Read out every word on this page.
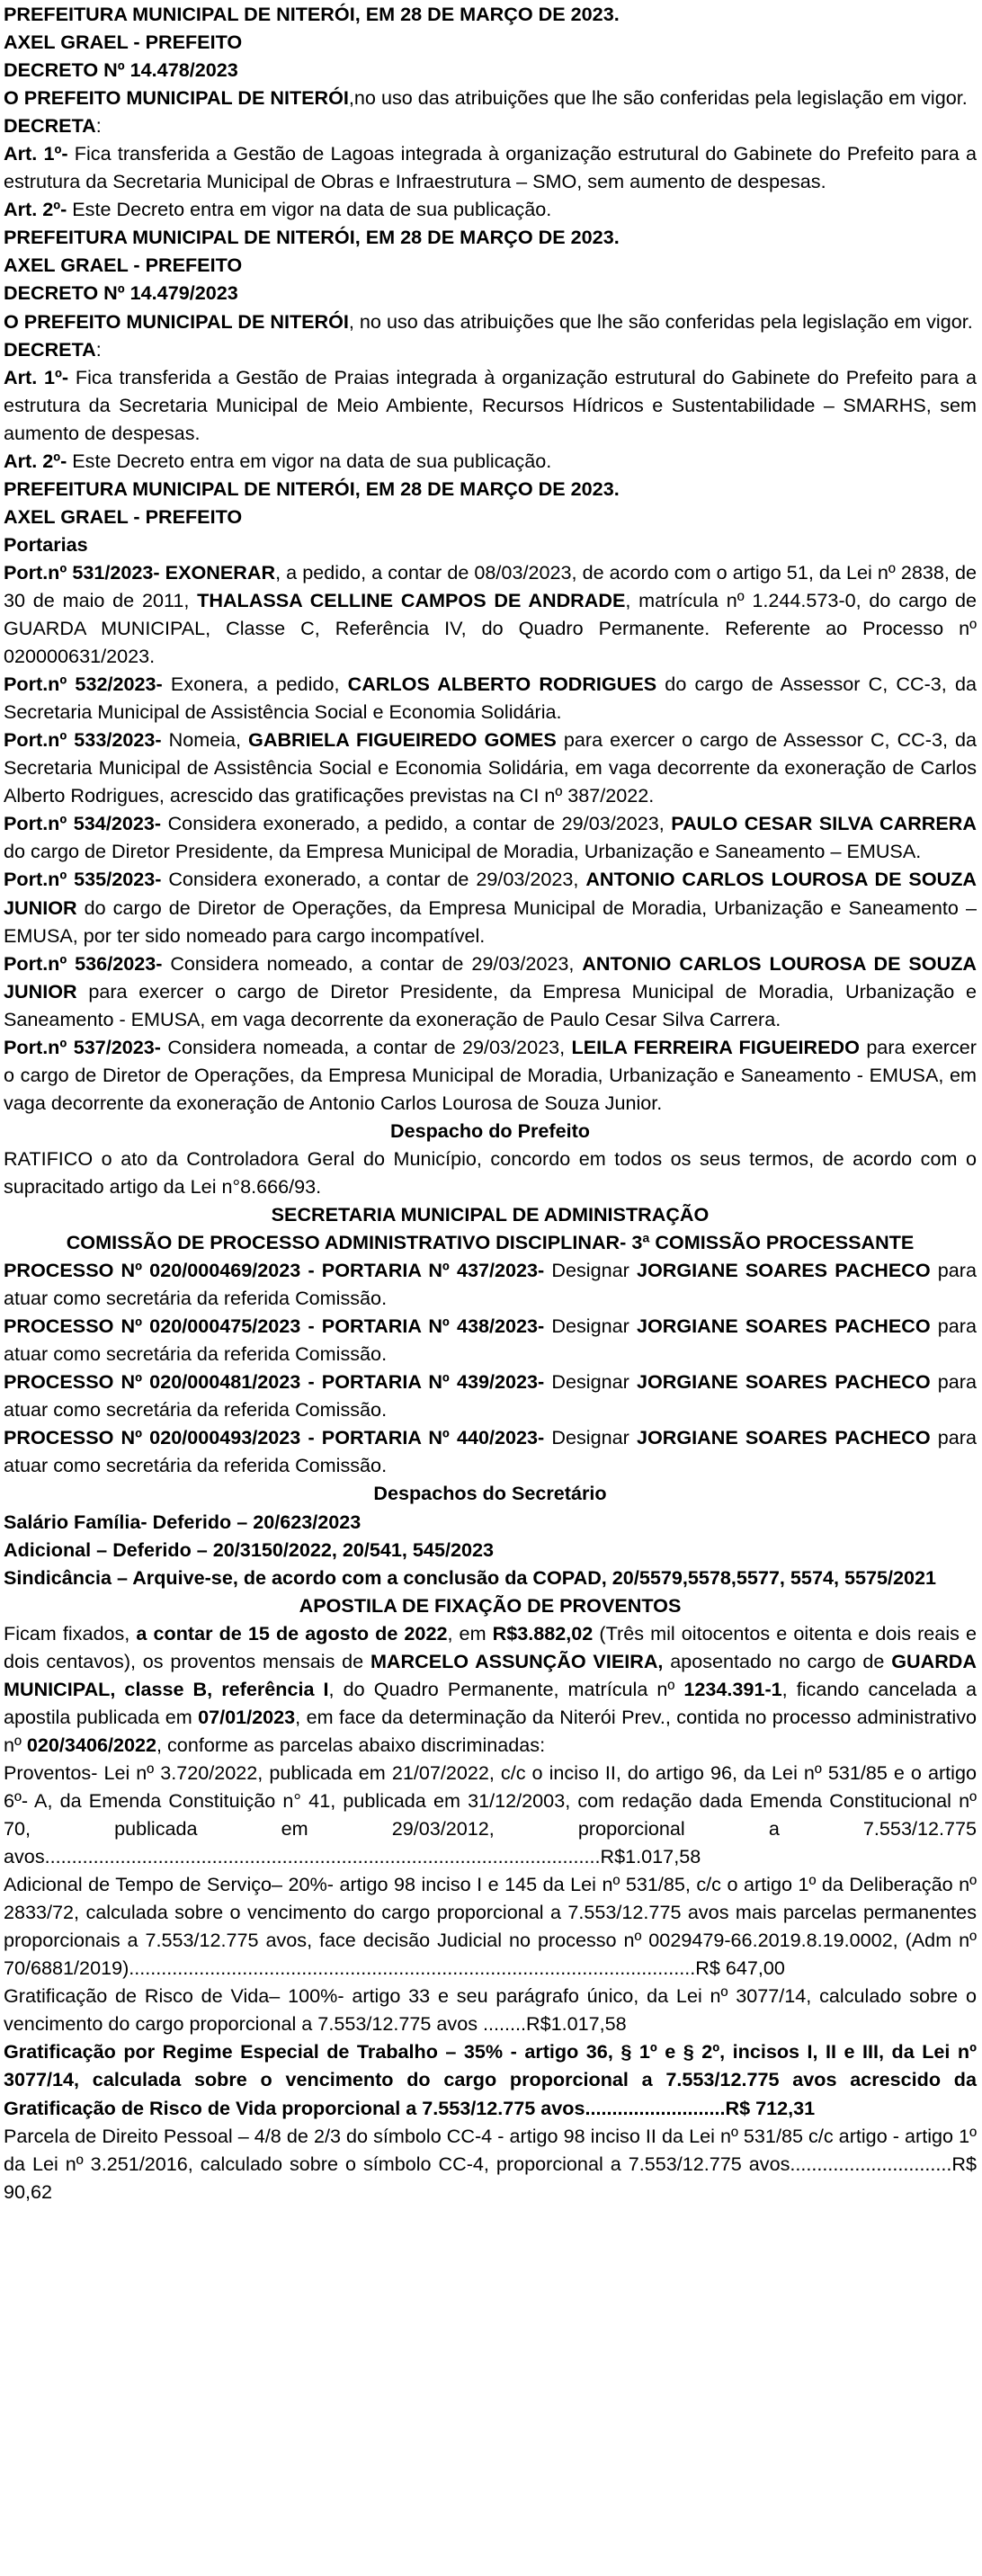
PREFEITURA MUNICIPAL DE NITERÓI, EM 28 DE MARÇO DE 2023.

AXEL GRAEL - PREFEITO

DECRETO Nº 14.478/2023

O PREFEITO MUNICIPAL DE NITERÓI,no uso das atribuições que lhe são conferidas pela legislação em vigor.

DECRETA:

Art. 1º- Fica transferida a Gestão de Lagoas integrada à organização estrutural do Gabinete do Prefeito para a estrutura da Secretaria Municipal de Obras e Infraestrutura – SMO, sem aumento de despesas.

Art. 2º- Este Decreto entra em vigor na data de sua publicação.

PREFEITURA MUNICIPAL DE NITERÓI, EM 28 DE MARÇO DE 2023.

AXEL GRAEL - PREFEITO

DECRETO Nº 14.479/2023

O PREFEITO MUNICIPAL DE NITERÓI, no uso das atribuições que lhe são conferidas pela legislação em vigor.

DECRETA:

Art. 1º- Fica transferida a Gestão de Praias integrada à organização estrutural do Gabinete do Prefeito para a estrutura da Secretaria Municipal de Meio Ambiente, Recursos Hídricos e Sustentabilidade – SMARHS, sem aumento de despesas.

Art. 2º- Este Decreto entra em vigor na data de sua publicação.

PREFEITURA MUNICIPAL DE NITERÓI, EM 28 DE MARÇO DE 2023.

AXEL GRAEL - PREFEITO

Portarias

Port.nº 531/2023- EXONERAR, a pedido, a contar de 08/03/2023, de acordo com o artigo 51, da Lei nº 2838, de 30 de maio de 2011, THALASSA CELLINE CAMPOS DE ANDRADE, matrícula nº 1.244.573-0, do cargo de GUARDA MUNICIPAL, Classe C, Referência IV, do Quadro Permanente. Referente ao Processo nº 020000631/2023.

Port.nº 532/2023- Exonera, a pedido, CARLOS ALBERTO RODRIGUES do cargo de Assessor C, CC-3, da Secretaria Municipal de Assistência Social e Economia Solidária.

Port.nº 533/2023- Nomeia, GABRIELA FIGUEIREDO GOMES para exercer o cargo de Assessor C, CC-3, da Secretaria Municipal de Assistência Social e Economia Solidária, em vaga decorrente da exoneração de Carlos Alberto Rodrigues, acrescido das gratificações previstas na CI nº 387/2022.

Port.nº 534/2023- Considera exonerado, a pedido, a contar de 29/03/2023, PAULO CESAR SILVA CARRERA do cargo de Diretor Presidente, da Empresa Municipal de Moradia, Urbanização e Saneamento – EMUSA.

Port.nº 535/2023- Considera exonerado, a contar de 29/03/2023, ANTONIO CARLOS LOUROSA DE SOUZA JUNIOR do cargo de Diretor de Operações, da Empresa Municipal de Moradia, Urbanização e Saneamento – EMUSA, por ter sido nomeado para cargo incompatível.

Port.nº 536/2023- Considera nomeado, a contar de 29/03/2023, ANTONIO CARLOS LOUROSA DE SOUZA JUNIOR para exercer o cargo de Diretor Presidente, da Empresa Municipal de Moradia, Urbanização e Saneamento - EMUSA, em vaga decorrente da exoneração de Paulo Cesar Silva Carrera.

Port.nº 537/2023- Considera nomeada, a contar de 29/03/2023, LEILA FERREIRA FIGUEIREDO para exercer o cargo de Diretor de Operações, da Empresa Municipal de Moradia, Urbanização e Saneamento - EMUSA, em vaga decorrente da exoneração de Antonio Carlos Lourosa de Souza Junior.

Despacho do Prefeito

RATIFICO o ato da Controladora Geral do Município, concordo em todos os seus termos, de acordo com o supracitado artigo da Lei n°8.666/93.

SECRETARIA MUNICIPAL DE ADMINISTRAÇÃO

COMISSÃO DE PROCESSO ADMINISTRATIVO DISCIPLINAR- 3ª COMISSÃO PROCESSANTE

PROCESSO Nº 020/000469/2023 - PORTARIA Nº 437/2023- Designar JORGIANE SOARES PACHECO para atuar como secretária da referida Comissão.

PROCESSO Nº 020/000475/2023 - PORTARIA Nº 438/2023- Designar JORGIANE SOARES PACHECO para atuar como secretária da referida Comissão.

PROCESSO Nº 020/000481/2023 - PORTARIA Nº 439/2023- Designar JORGIANE SOARES PACHECO para atuar como secretária da referida Comissão.

PROCESSO Nº 020/000493/2023 - PORTARIA Nº 440/2023- Designar JORGIANE SOARES PACHECO para atuar como secretária da referida Comissão.

Despachos do Secretário

Salário Família- Deferido – 20/623/2023

Adicional – Deferido – 20/3150/2022, 20/541, 545/2023

Sindicância – Arquive-se, de acordo com a conclusão da COPAD, 20/5579,5578,5577, 5574, 5575/2021

APOSTILA DE FIXAÇÃO DE PROVENTOS

Ficam fixados, a contar de 15 de agosto de 2022, em R$3.882,02 (Três mil oitocentos e oitenta e dois reais e dois centavos), os proventos mensais de MARCELO ASSUNÇÃO VIEIRA, aposentado no cargo de GUARDA MUNICIPAL, classe B, referência I, do Quadro Permanente, matrícula nº 1234.391-1, ficando cancelada a apostila publicada em 07/01/2023, em face da determinação da Niterói Prev., contida no processo administrativo nº 020/3406/2022, conforme as parcelas abaixo discriminadas:

Proventos- Lei nº 3.720/2022, publicada em 21/07/2022, c/c o inciso II, do artigo 96, da Lei nº 531/85 e o artigo 6º- A, da Emenda Constituição n° 41, publicada em 31/12/2003, com redação dada Emenda Constitucional nº 70, publicada em 29/03/2012, proporcional a 7.553/12.775 avos.......................................................................................................R$1.017,58

Adicional de Tempo de Serviço– 20%- artigo 98 inciso I e 145 da Lei nº 531/85, c/c o artigo 1º da Deliberação nº 2833/72, calculada sobre o vencimento do cargo proporcional a 7.553/12.775 avos mais parcelas permanentes proporcionais a 7.553/12.775 avos, face decisão Judicial no processo nº 0029479-66.2019.8.19.0002, (Adm nº 70/6881/2019).........................................................................................................R$ 647,00

Gratificação de Risco de Vida– 100%- artigo 33 e seu parágrafo único, da Lei nº 3077/14, calculado sobre o vencimento do cargo proporcional a 7.553/12.775 avos ........R$1.017,58

Gratificação por Regime Especial de Trabalho – 35% - artigo 36, § 1º e § 2º, incisos I, II e III, da Lei nº 3077/14, calculada sobre o vencimento do cargo proporcional a 7.553/12.775 avos acrescido da Gratificação de Risco de Vida proporcional a 7.553/12.775 avos..........................R$ 712,31

Parcela de Direito Pessoal – 4/8 de 2/3 do símbolo CC-4 - artigo 98 inciso II da Lei nº 531/85 c/c artigo - artigo 1º da Lei nº 3.251/2016, calculado sobre o símbolo CC-4, proporcional a 7.553/12.775 avos..............................R$ 90,62
